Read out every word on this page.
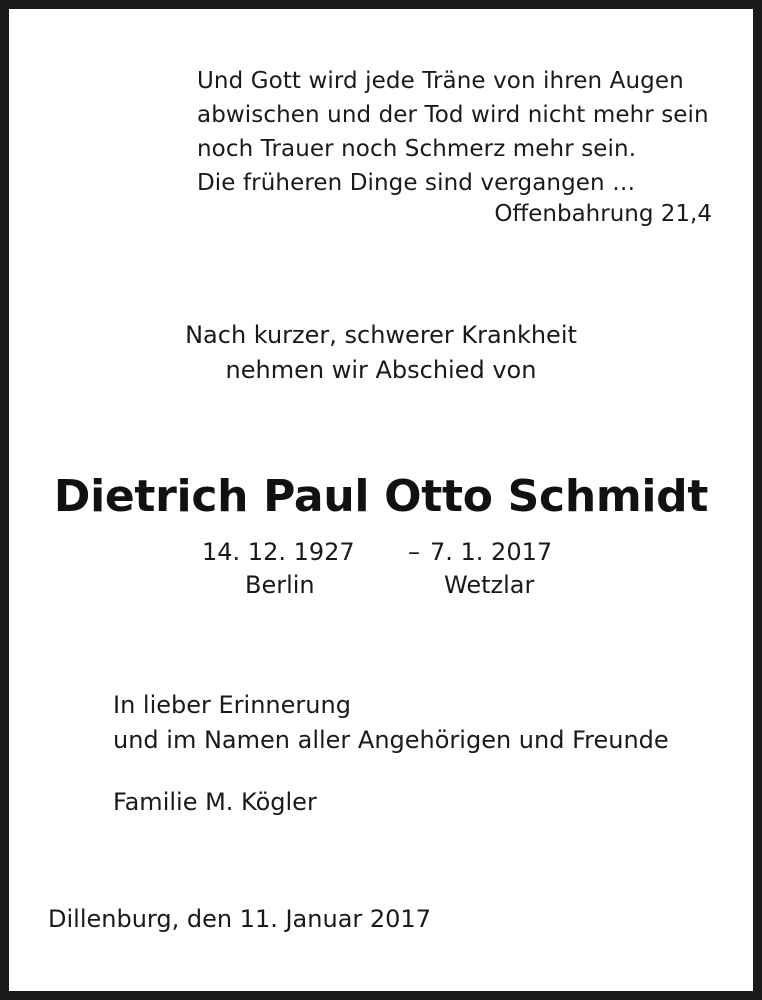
Und Gott wird jede Träne von ihren Augen
abwischen und der Tod wird nicht mehr sein
noch Trauer noch Schmerz mehr sein.
Die früheren Dinge sind vergangen …
Offenbahrung 21,4
Nach kurzer, schwerer Krankheit
nehmen wir Abschied von
Dietrich Paul Otto Schmidt
14. 12. 1927 – 7. 1. 2017
Berlin	Wetzlar
In lieber Erinnerung
und im Namen aller Angehörigen und Freunde
Familie M. Kögler
Dillenburg, den 11. Januar 2017
